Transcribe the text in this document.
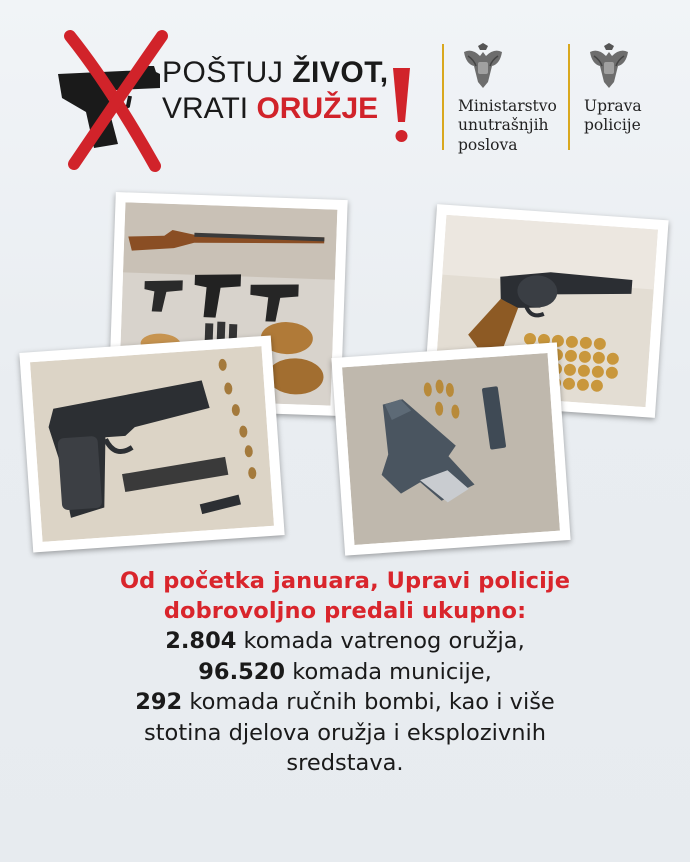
POŠTUJ ŽIVOT,
VRATI ORUŽJE	Ministarstvo
unutrašnjih
poslova
Uprava
policije
Od početka januara, Upravi policije
dobrovoljno predali ukupno:
2.804 komada vatrenog oružja,
96.520 komada municije,
292 komada ručnih bombi, kao i više
stotina djelova oružja i eksplozivnih
sredstava.
